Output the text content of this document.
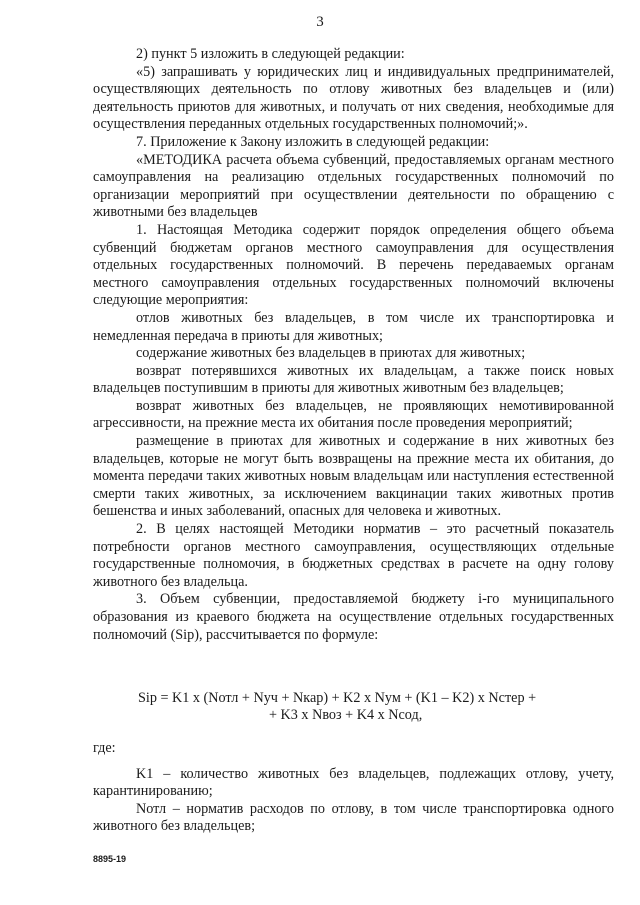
3

2) пункт 5 изложить в следующей редакции:

«5) запрашивать у юридических лиц и индивидуальных предпринимателей, осуществляющих деятельность по отлову животных без владельцев и (или) деятельность приютов для животных, и получать от них сведения, необходимые для осуществления переданных отдельных государственных полномочий;».

7. Приложение к Закону изложить в следующей редакции:

«МЕТОДИКА расчета объема субвенций, предоставляемых органам местного самоуправления на реализацию отдельных государственных полномочий по организации мероприятий при осуществлении деятельности по обращению с животными без владельцев

1. Настоящая Методика содержит порядок определения общего объема субвенций бюджетам органов местного самоуправления для осуществления отдельных государственных полномочий. В перечень передаваемых органам местного самоуправления отдельных государственных полномочий включены следующие мероприятия:

отлов животных без владельцев, в том числе их транспортировка и немедленная передача в приюты для животных;

содержание животных без владельцев в приютах для животных;

возврат потерявшихся животных их владельцам, а также поиск новых владельцев поступившим в приюты для животных животным без владельцев;

возврат животных без владельцев, не проявляющих немотивированной агрессивности, на прежние места их обитания после проведения мероприятий;

размещение в приютах для животных и содержание в них животных без владельцев, которые не могут быть возвращены на прежние места их обитания, до момента передачи таких животных новым владельцам или наступления естественной смерти таких животных, за исключением вакцинации таких животных против бешенства и иных заболеваний, опасных для человека и животных.

2. В целях настоящей Методики норматив – это расчетный показатель потребности органов местного самоуправления, осуществляющих отдельные государственные полномочия, в бюджетных средствах в расчете на одну голову животного без владельца.

3. Объем субвенции, предоставляемой бюджету i-го муниципального образования из краевого бюджета на осуществление отдельных государственных полномочий (Sip), рассчитывается по формуле:

Sip = K1 x (Nотл + Nуч + Nкар) + K2 x Nум + (K1 – K2) x Nстер +
+ K3 x Nвоз + K4 x Nсод,

где:

K1 – количество животных без владельцев, подлежащих отлову, учету, карантинированию;

Nотл – норматив расходов по отлову, в том числе транспортировка одного животного без владельцев;

8895-19
